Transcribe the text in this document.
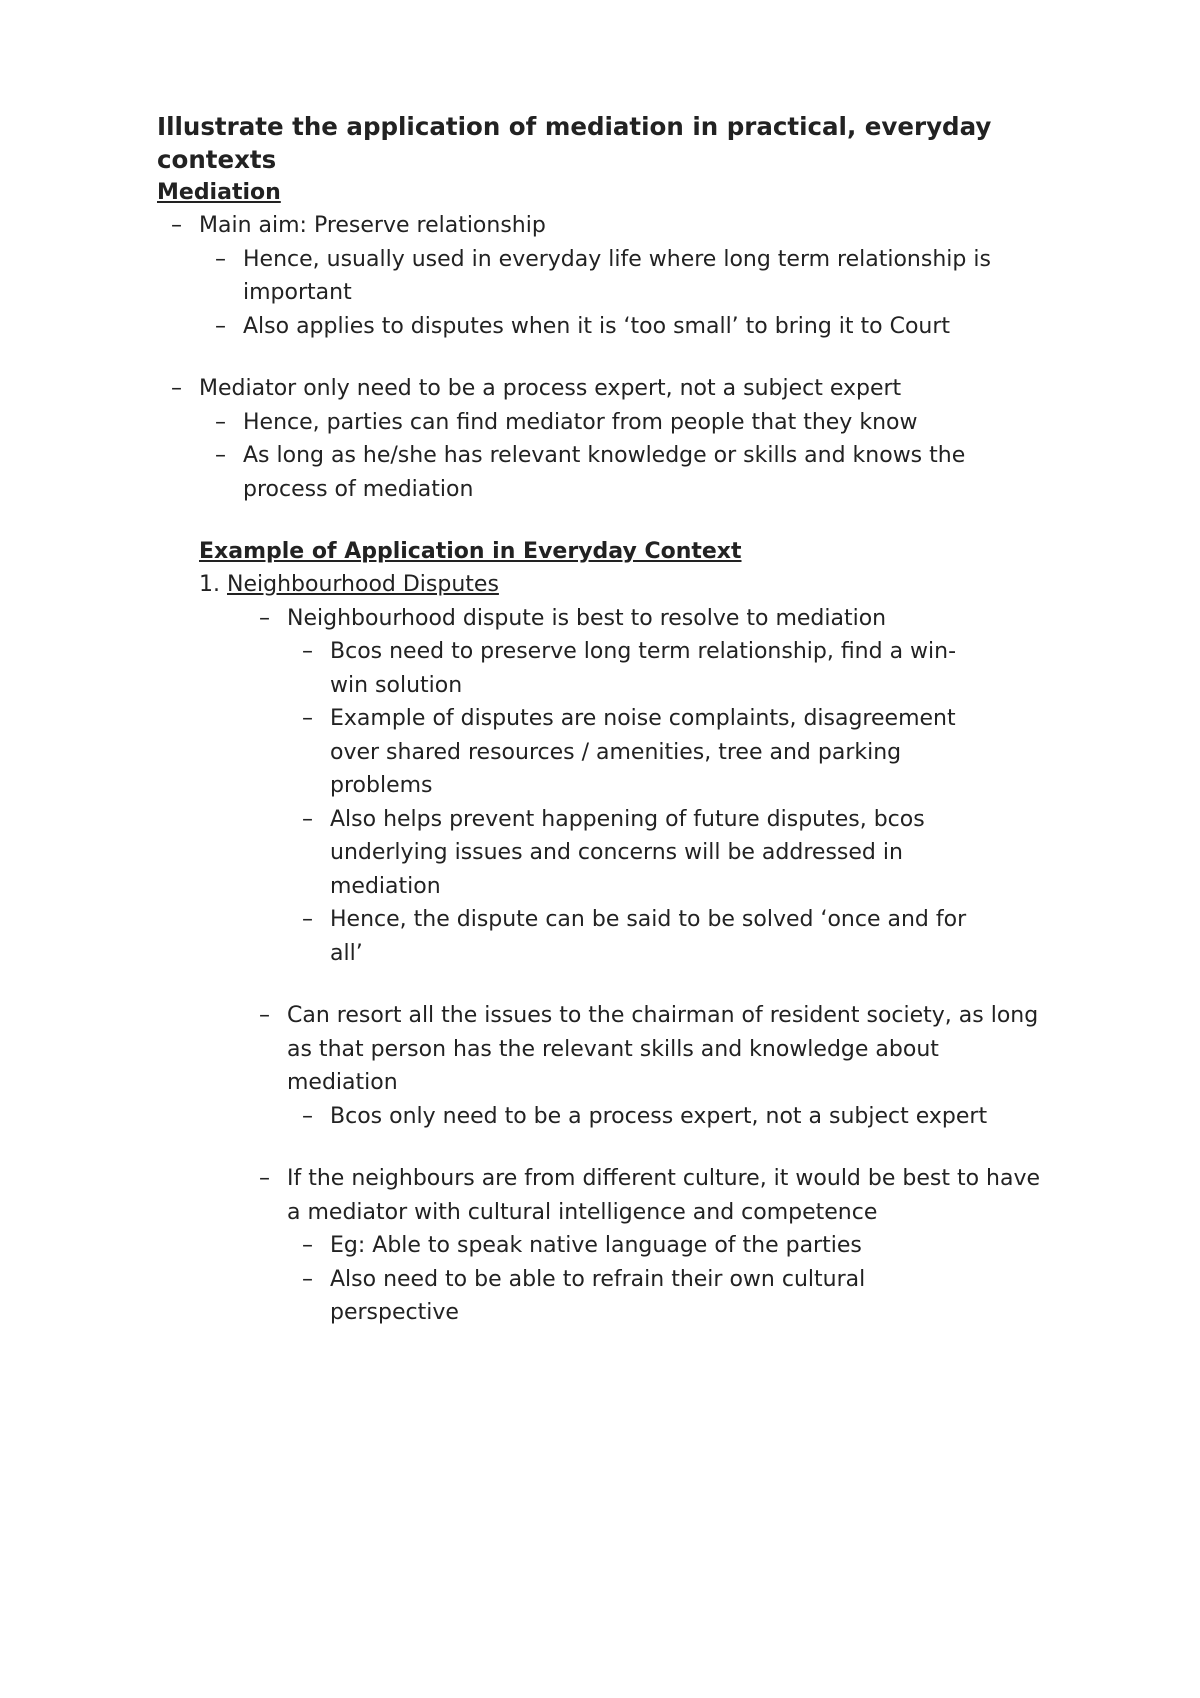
Illustrate the application of mediation in practical, everyday contexts
Mediation
– Main aim: Preserve relationship
– Hence, usually used in everyday life where long term relationship is important
– Also applies to disputes when it is ‘too small’ to bring it to Court
– Mediator only need to be a process expert, not a subject expert
– Hence, parties can find mediator from people that they know
– As long as he/she has relevant knowledge or skills and knows the process of mediation
Example of Application in Everyday Context
1. Neighbourhood Disputes
– Neighbourhood dispute is best to resolve to mediation
– Bcos need to preserve long term relationship, find a win-win solution
– Example of disputes are noise complaints, disagreement over shared resources / amenities, tree and parking problems
– Also helps prevent happening of future disputes, bcos underlying issues and concerns will be addressed in mediation
– Hence, the dispute can be said to be solved ‘once and for all’
– Can resort all the issues to the chairman of resident society, as long as that person has the relevant skills and knowledge about mediation
– Bcos only need to be a process expert, not a subject expert
– If the neighbours are from different culture, it would be best to have a mediator with cultural intelligence and competence
– Eg: Able to speak native language of the parties
– Also need to be able to refrain their own cultural perspective
